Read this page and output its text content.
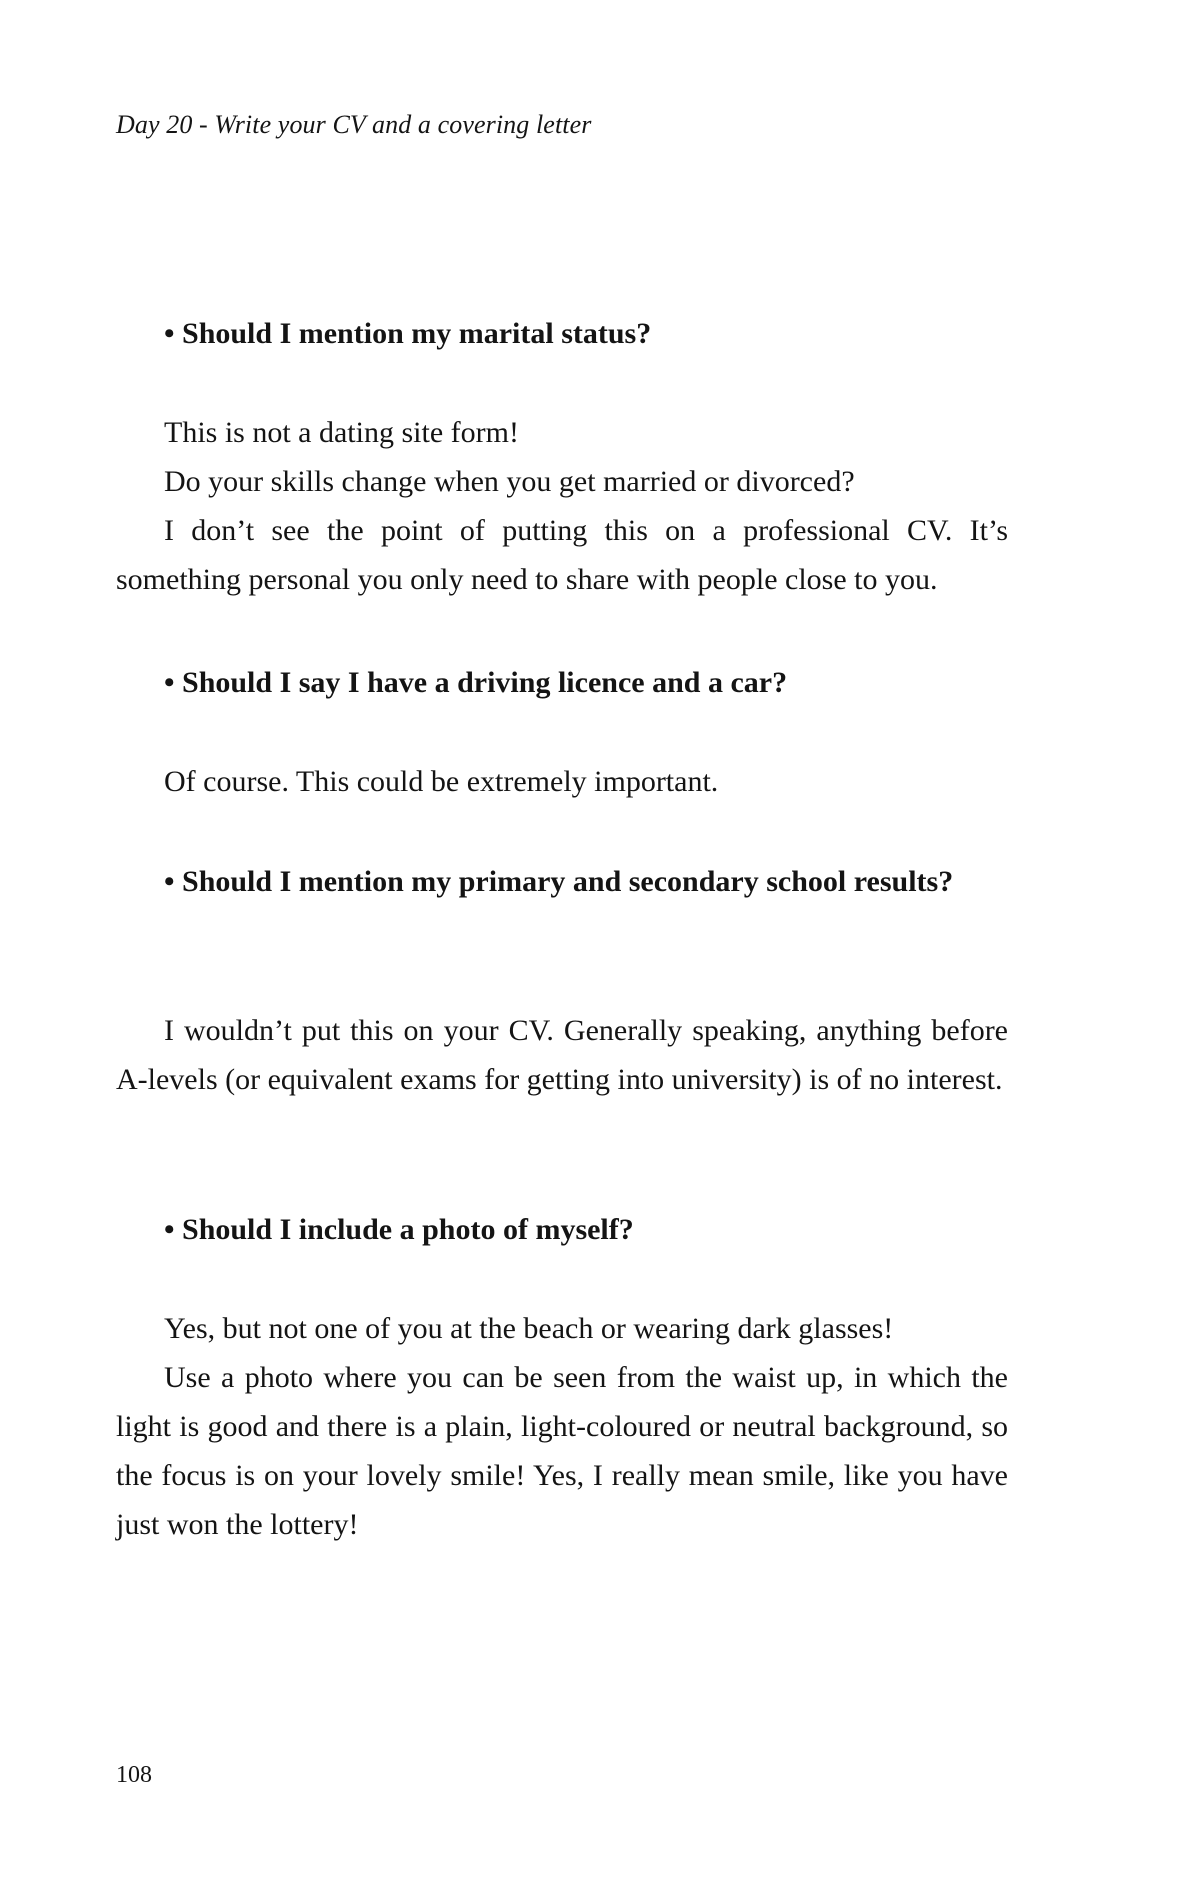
Day 20 - Write your CV and a covering letter

• Should I mention my marital status?

This is not a dating site form!

Do your skills change when you get married or divorced?

I don’t see the point of putting this on a professional CV. It’s something personal you only need to share with people close to you.

• Should I say I have a driving licence and a car?

Of course. This could be extremely important.

• Should I mention my primary and secondary school results?

I wouldn’t put this on your CV. Generally speaking, anything before A-levels (or equivalent exams for getting into university) is of no interest.

• Should I include a photo of myself?

Yes, but not one of you at the beach or wearing dark glasses!

Use a photo where you can be seen from the waist up, in which the light is good and there is a plain, light-coloured or neutral background, so the focus is on your lovely smile! Yes, I really mean smile, like you have just won the lottery!

108
